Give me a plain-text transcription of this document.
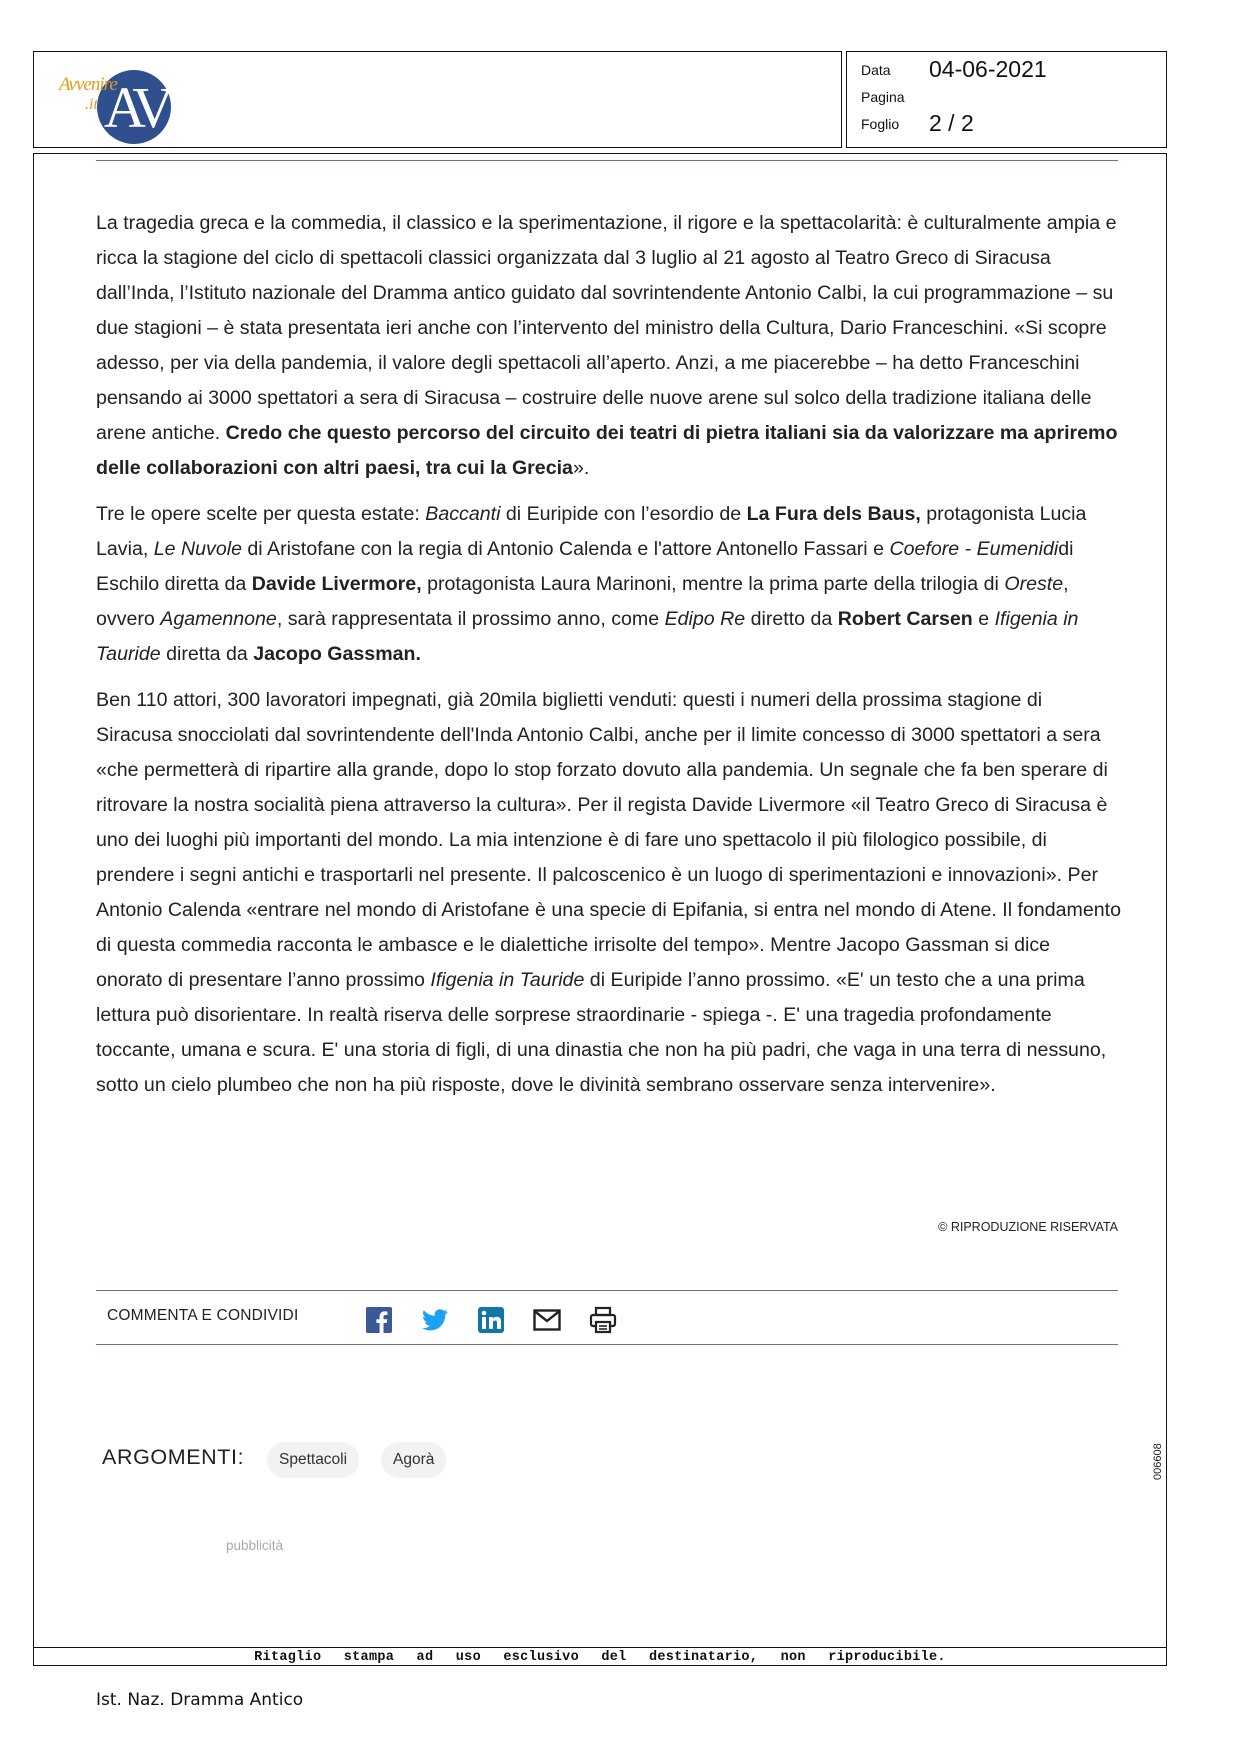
AV
Avvenire
.it
Data 04-06-2021
Pagina
Foglio 2 / 2
Ritaglio stampa ad uso esclusivo del destinatario, non riproducibile.

La tragedia greca e la commedia, il classico e la sperimentazione, il rigore e la spettacolarità: è culturalmente ampia e ricca la stagione del ciclo di spettacoli classici organizzata dal 3 luglio al 21 agosto al Teatro Greco di Siracusa dall’Inda, l’Istituto nazionale del Dramma antico guidato dal sovrintendente Antonio Calbi, la cui programmazione – su due stagioni – è stata presentata ieri anche con l’intervento del ministro della Cultura, Dario Franceschini. «Si scopre adesso, per via della pandemia, il valore degli spettacoli all’aperto. Anzi, a me piacerebbe – ha detto Franceschini pensando ai 3000 spettatori a sera di Siracusa – costruire delle nuove arene sul solco della tradizione italiana delle arene antiche. Credo che questo percorso del circuito dei teatri di pietra italiani sia da valorizzare ma apriremo delle collaborazioni con altri paesi, tra cui la Grecia».

Tre le opere scelte per questa estate: Baccanti di Euripide con l’esordio de La Fura dels Baus, protagonista Lucia Lavia, Le Nuvole di Aristofane con la regia di Antonio Calenda e l'attore Antonello Fassari e Coefore - Eumenididi Eschilo diretta da Davide Livermore, protagonista Laura Marinoni, mentre la prima parte della trilogia di Oreste, ovvero Agamennone, sarà rappresentata il prossimo anno, come Edipo Re diretto da Robert Carsen e Ifigenia in Tauride diretta da Jacopo Gassman.

Ben 110 attori, 300 lavoratori impegnati, già 20mila biglietti venduti: questi i numeri della prossima stagione di Siracusa snocciolati dal sovrintendente dell'Inda Antonio Calbi, anche per il limite concesso di 3000 spettatori a sera «che permetterà di ripartire alla grande, dopo lo stop forzato dovuto alla pandemia. Un segnale che fa ben sperare di ritrovare la nostra socialità piena attraverso la cultura». Per il regista Davide Livermore «il Teatro Greco di Siracusa è uno dei luoghi più importanti del mondo. La mia intenzione è di fare uno spettacolo il più filologico possibile, di prendere i segni antichi e trasportarli nel presente. Il palcoscenico è un luogo di sperimentazioni e innovazioni». Per Antonio Calenda «entrare nel mondo di Aristofane è una specie di Epifania, si entra nel mondo di Atene. Il fondamento di questa commedia racconta le ambasce e le dialettiche irrisolte del tempo». Mentre Jacopo Gassman si dice onorato di presentare l’anno prossimo Ifigenia in Tauride di Euripide l’anno prossimo. «E' un testo che a una prima lettura può disorientare. In realtà riserva delle sorprese straordinarie - spiega -. E' una tragedia profondamente toccante, umana e scura. E' una storia di figli, di una dinastia che non ha più padri, che vaga in una terra di nessuno, sotto un cielo plumbeo che non ha più risposte, dove le divinità sembrano osservare senza intervenire».

© RIPRODUZIONE RISERVATA
COMMENTA E CONDIVIDI
ARGOMENTI:	Spettacoli	Agorà
pubblicità
006608
Ist. Naz. Dramma Antico
